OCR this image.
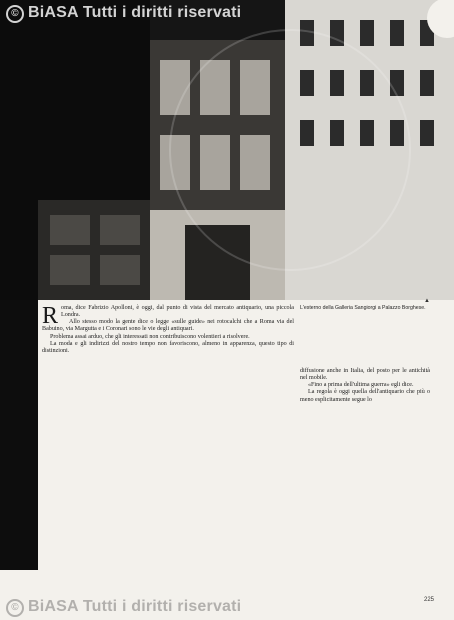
© BiASA Tutti i diritti riservati
▲
L'esterno della Galleria Sangiorgi a Palazzo Borghese.

Roma, dice Fabrizio Apolloni, è oggi, dal punto di vista del mercato antiquario, una piccola Londra.

Allo stesso modo la gente dice o legge «sulle guide» nei rotocalchi che a Roma via del Babuino, via Margutta e i Coronari sono le vie degli antiquari.

Problema assai arduo, che gli interessati non contribuiscono volentieri a risolvere.

La moda e gli indirizzi del nostro tempo non favoriscono, almeno in apparenza, questo tipo di distinzioni.

diffusione anche in Italia, del posto per le antichità nel mobile.

«Fino a prima dell'ultima guerra» egli dice.

La regola è oggi quella dell'antiquario che più o meno esplicitamente segue lo

225
© BiASA Tutti i diritti riservati
